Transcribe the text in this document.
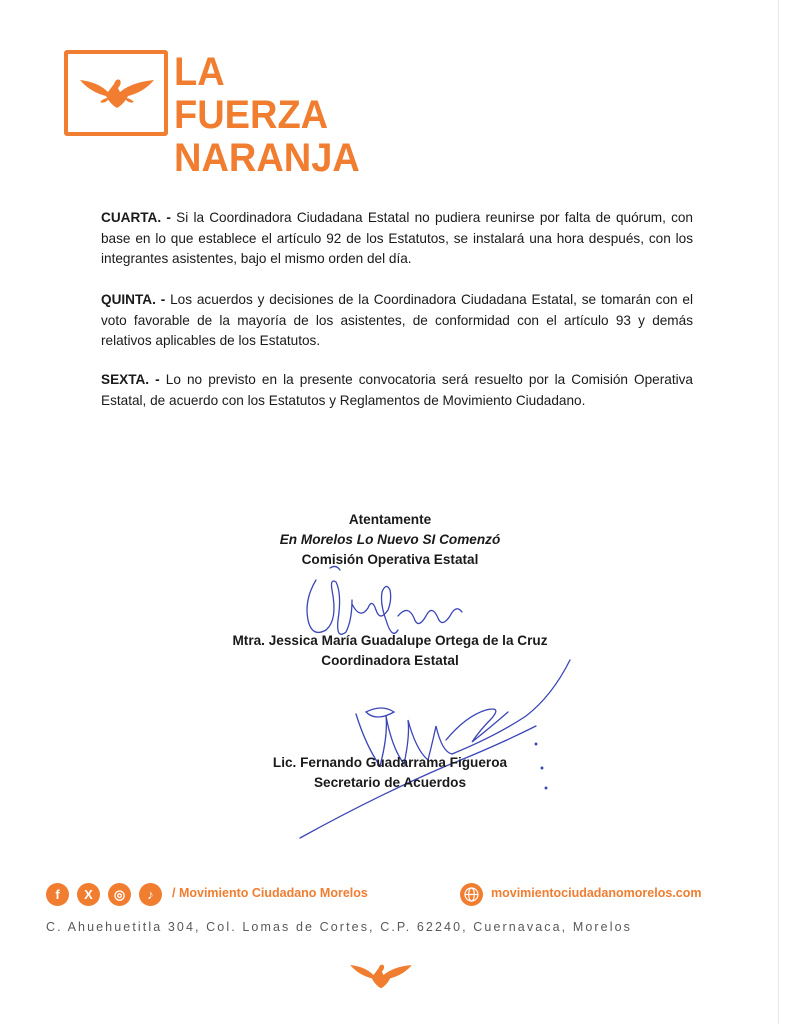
LA FUERZA
NARANJA

CUARTA. - Si la Coordinadora Ciudadana Estatal no pudiera reunirse por falta de quórum, con base en lo que establece el artículo 92 de los Estatutos, se instalará una hora después, con los integrantes asistentes, bajo el mismo orden del día.

QUINTA. - Los acuerdos y decisiones de la Coordinadora Ciudadana Estatal, se tomarán con el voto favorable de la mayoría de los asistentes, de conformidad con el artículo 93 y demás relativos aplicables de los Estatutos.

SEXTA. - Lo no previsto en la presente convocatoria será resuelto por la Comisión Operativa Estatal, de acuerdo con los Estatutos y Reglamentos de Movimiento Ciudadano.

Atentamente
En Morelos Lo Nuevo SI Comenzó
Comisión Operativa Estatal
Mtra. Jessica María Guadalupe Ortega de la Cruz
Coordinadora Estatal
Lic. Fernando Guadarrama Figueroa
Secretario de Acuerdos
f	X	◎	♪	/ Movimiento Ciudadano Morelos	movimientociudadanomorelos.com
C. Ahuehuetitla 304, Col. Lomas de Cortes, C.P. 62240, Cuernavaca, Morelos
